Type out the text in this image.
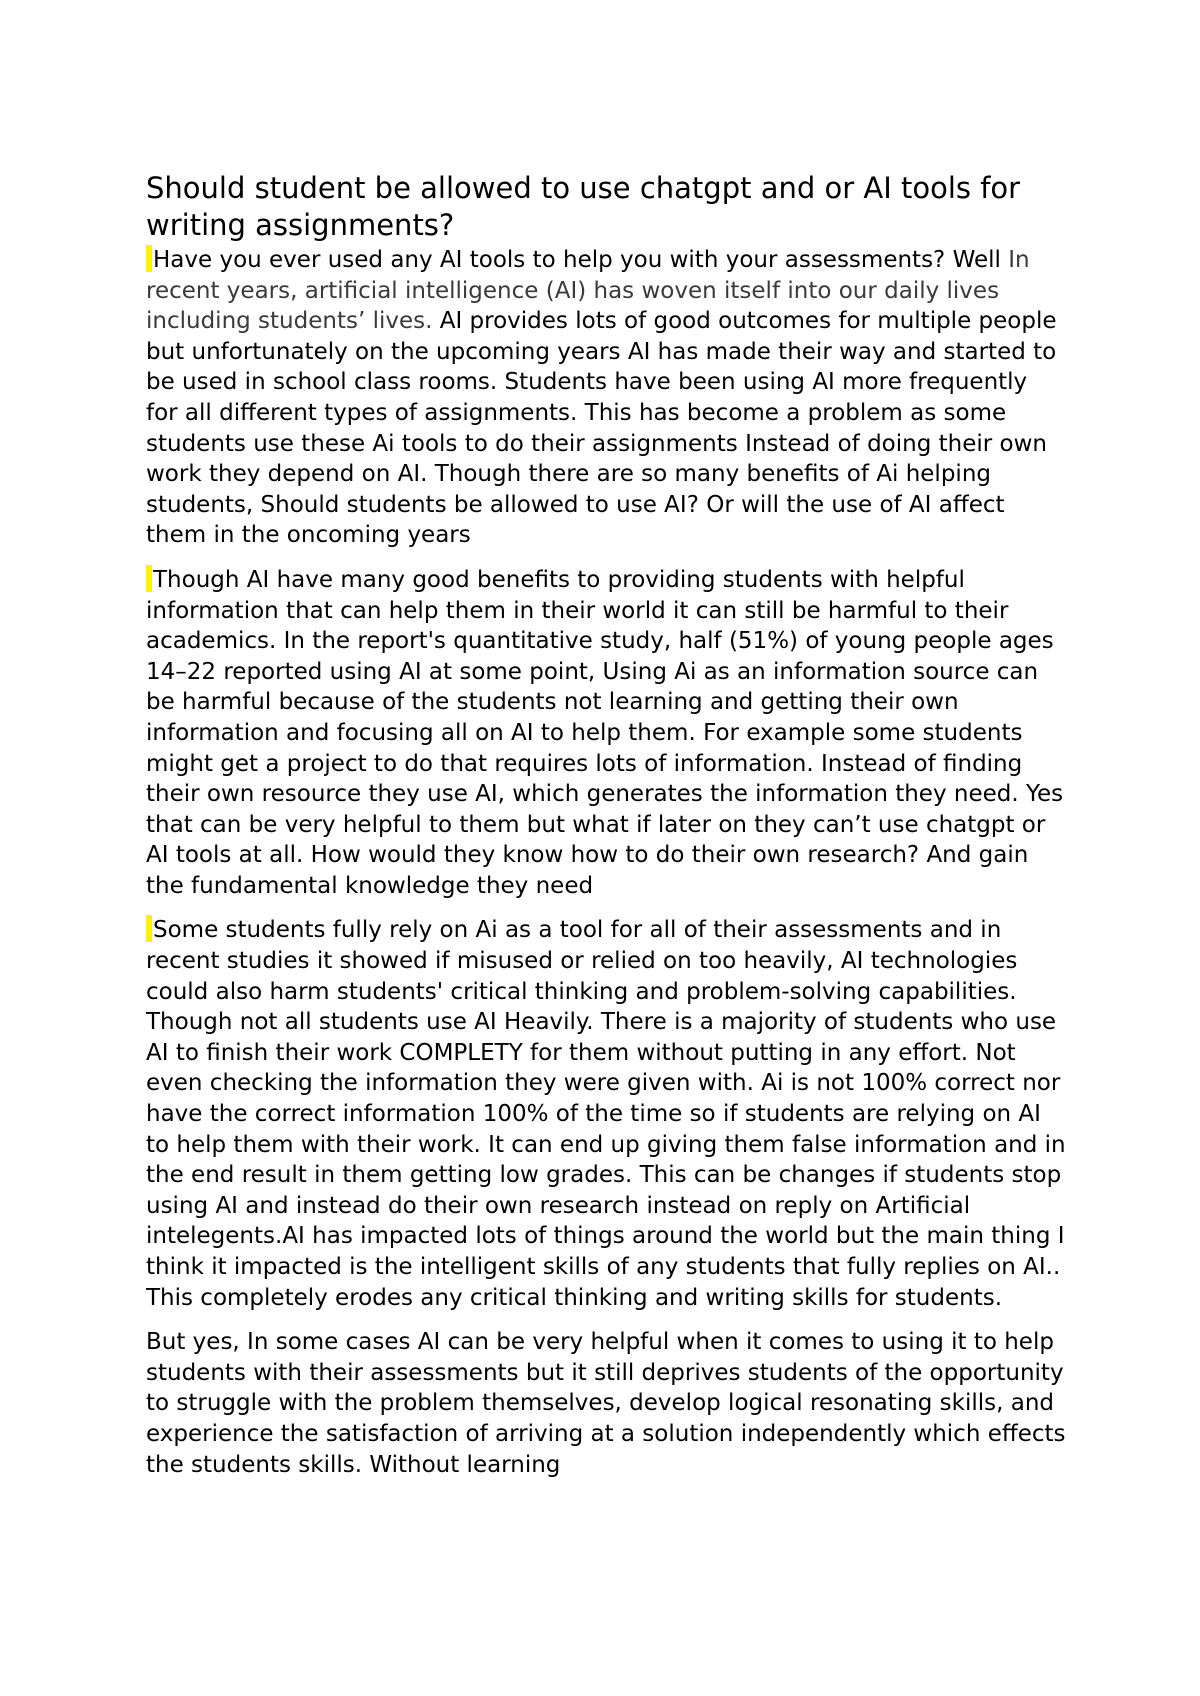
Should student be allowed to use chatgpt and or AI tools for writing assignments?

Have you ever used any AI tools to help you with your assessments? Well In recent years, artificial intelligence (AI) has woven itself into our daily lives including students’ lives. AI provides lots of good outcomes for multiple people but unfortunately on the upcoming years AI has made their way and started to be used in school class rooms. Students have been using AI more frequently for all different types of assignments. This has become a problem as some students use these Ai tools to do their assignments Instead of doing their own work they depend on AI. Though there are so many benefits of Ai helping students, Should students be allowed to use AI? Or will the use of AI affect them in the oncoming years

Though AI have many good benefits to providing students with helpful information that can help them in their world it can still be harmful to their academics. In the report's quantitative study, half (51%) of young people ages 14–22 reported using AI at some point, Using Ai as an information source can be harmful because of the students not learning and getting their own information and focusing all on AI to help them. For example some students might get a project to do that requires lots of information. Instead of finding their own resource they use AI, which generates the information they need. Yes that can be very helpful to them but what if later on they can’t use chatgpt or AI tools at all. How would they know how to do their own research? And gain the fundamental knowledge they need

Some students fully rely on Ai as a tool for all of their assessments and in recent studies it showed if misused or relied on too heavily, AI technologies could also harm students' critical thinking and problem-solving capabilities. Though not all students use AI Heavily. There is a majority of students who use AI to finish their work COMPLETY for them without putting in any effort. Not even checking the information they were given with. Ai is not 100% correct nor have the correct information 100% of the time so if students are relying on AI to help them with their work. It can end up giving them false information and in the end result in them getting low grades. This can be changes if students stop using AI and instead do their own research instead on reply on Artificial intelegents.AI has impacted lots of things around the world but the main thing I think it impacted is the intelligent skills of any students that fully replies on AI.. This completely erodes any critical thinking and writing skills for students.

But yes, In some cases AI can be very helpful when it comes to using it to help students with their assessments but it still deprives students of the opportunity to struggle with the problem themselves, develop logical resonating skills, and experience the satisfaction of arriving at a solution independently which effects the students skills. Without learning
